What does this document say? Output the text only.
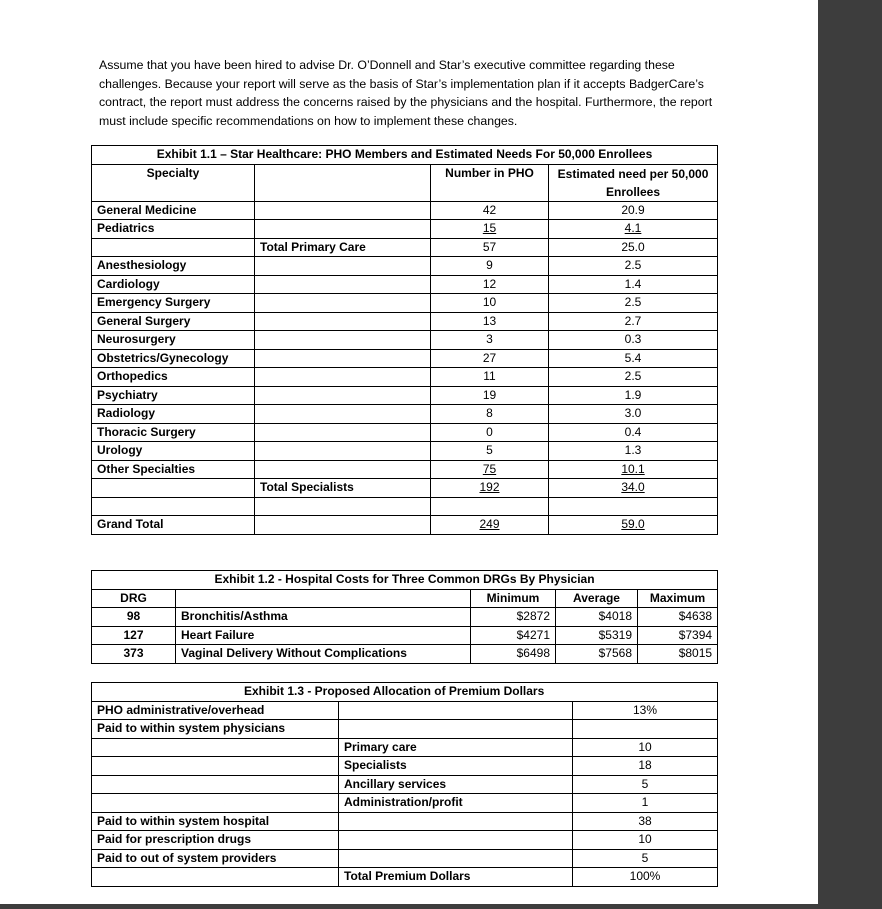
Assume that you have been hired to advise Dr. O’Donnell and Star’s executive committee regarding these challenges. Because your report will serve as the basis of Star’s implementation plan if it accepts BadgerCare’s contract, the report must address the concerns raised by the physicians and the hospital. Furthermore, the report must include specific recommendations on how to implement these changes.

Exhibit 1.1 – Star Healthcare: PHO Members and Estimated Needs For 50,000 Enrollees			
Specialty		Number in PHO	Estimated need per 50,000 Enrollees
General Medicine		42	20.9
Pediatrics		15	4.1
	Total Primary Care	57	25.0
Anesthesiology		9	2.5
Cardiology		12	1.4
Emergency Surgery		10	2.5
General Surgery		13	2.7
Neurosurgery		3	0.3
Obstetrics/Gynecology		27	5.4
Orthopedics		11	2.5
Psychiatry		19	1.9
Radiology		8	3.0
Thoracic Surgery		0	0.4
Urology		5	1.3
Other Specialties		75	10.1
	Total Specialists	192	34.0

Grand Total		249	59.0
Exhibit 1.2 - Hospital Costs for Three Common DRGs By Physician				
DRG		Minimum	Average	Maximum
98	Bronchitis/Asthma	$2872	$4018	$4638
127	Heart Failure	$4271	$5319	$7394
373	Vaginal Delivery Without Complications	$6498	$7568	$8015
Exhibit 1.3 - Proposed Allocation of Premium Dollars		
PHO administrative/overhead		13%
Paid to within system physicians		
	Primary care	10
	Specialists	18
	Ancillary services	5
	Administration/profit	1
Paid to within system hospital		38
Paid for prescription drugs		10
Paid to out of system providers		5
	Total Premium Dollars	100%
